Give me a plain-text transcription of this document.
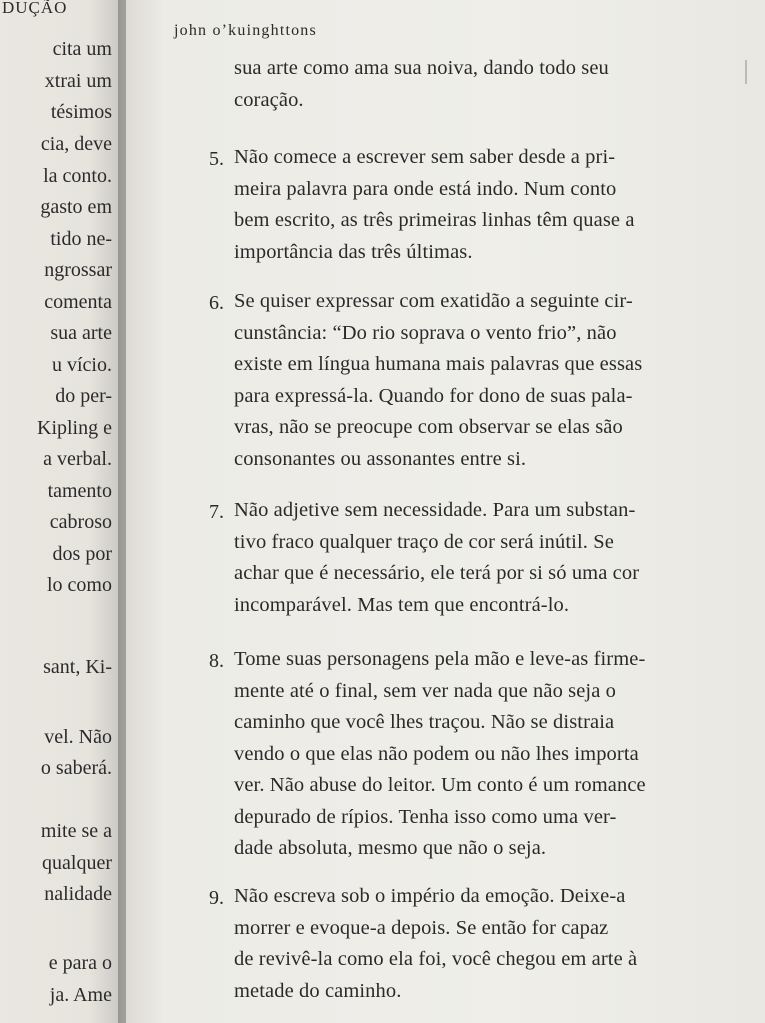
DUÇÃO
cita um
xtrai um
tésimos
cia, deve
la conto.
gasto em
tido ne-
ngrossar
comenta
sua arte
u vício.
do per-
Kipling e
a verbal.
tamento
cabroso
dos por
lo como
sant, Ki-
vel. Não
o saberá.
mite se a
qualquer
nalidade
e para o
ja. Ame
john o’kuinghttons
sua arte como ama sua noiva, dando todo seu
coração.
5. Não comece a escrever sem saber desde a pri-
meira palavra para onde está indo. Num conto
bem escrito, as três primeiras linhas têm quase a
importância das três últimas.
6. Se quiser expressar com exatidão a seguinte cir-
cunstância: “Do rio soprava o vento frio”, não
existe em língua humana mais palavras que essas
para expressá-la. Quando for dono de suas pala-
vras, não se preocupe com observar se elas são
consonantes ou assonantes entre si.
7. Não adjetive sem necessidade. Para um substan-
tivo fraco qualquer traço de cor será inútil. Se
achar que é necessário, ele terá por si só uma cor
incomparável. Mas tem que encontrá-lo.
8. Tome suas personagens pela mão e leve-as firme-
mente até o final, sem ver nada que não seja o
caminho que você lhes traçou. Não se distraia
vendo o que elas não podem ou não lhes importa
ver. Não abuse do leitor. Um conto é um romance
depurado de rípios. Tenha isso como uma ver-
dade absoluta, mesmo que não o seja.
9. Não escreva sob o império da emoção. Deixe-a
morrer e evoque-a depois. Se então for capaz
de revivê-la como ela foi, você chegou em arte à
metade do caminho.
